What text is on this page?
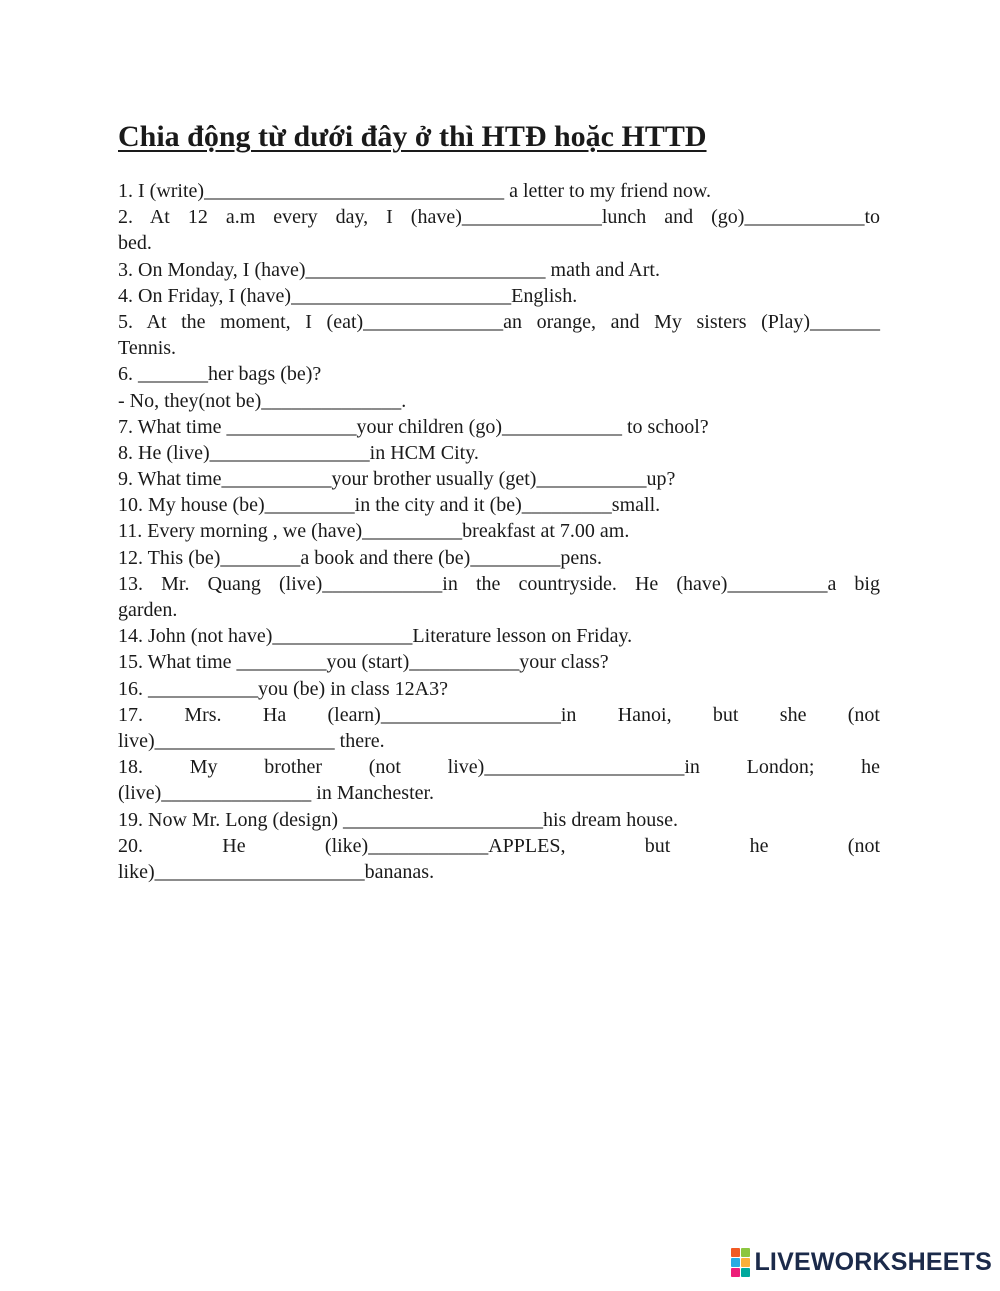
Chia động từ dưới đây ở thì HTĐ hoặc HTTD
1. I (write)______________________________ a letter to my friend now.
2. At 12 a.m every day, I (have)______________lunch and (go)____________to
bed.
3. On Monday, I (have)________________________ math and Art.
4. On Friday, I (have)______________________English.
5. At the moment, I (eat)______________an orange, and My sisters (Play)_______
Tennis.
6. _______her bags (be)?
- No, they(not be)______________.
7. What time _____________your children (go)____________ to school?
8. He (live)________________in HCM City.
9. What time___________your brother usually (get)___________up?
10. My house (be)_________in the city and it (be)_________small.
11. Every morning , we (have)__________breakfast at 7.00 am.
12. This (be)________a book and there (be)_________pens.
13. Mr. Quang (live)____________in the countryside. He (have)__________a big
garden.
14. John (not have)______________Literature lesson on Friday.
15. What time _________you (start)___________your class?
16. ___________you (be) in class 12A3?
17. Mrs. Ha (learn)__________________in Hanoi, but she (not
live)__________________ there.
18. My brother (not live)____________________in London; he
(live)_______________ in Manchester.
19. Now Mr. Long (design) ____________________his dream house.
20. He (like)____________APPLES, but he (not
like)_____________________bananas.
LIVEWORKSHEETS
